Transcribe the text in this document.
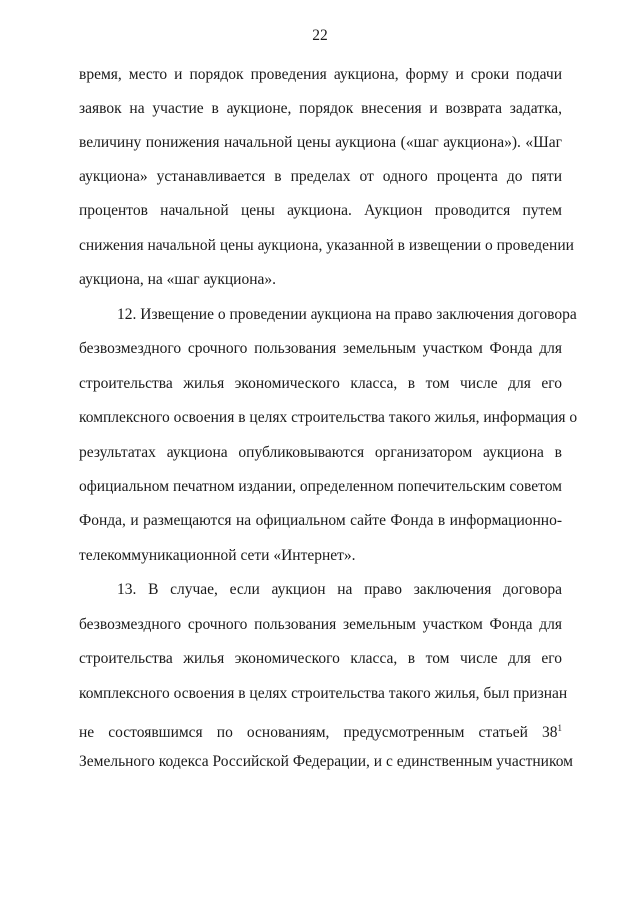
22
время, место и порядок проведения аукциона, форму и сроки подачи
заявок на участие в аукционе, порядок внесения и возврата задатка,
величину понижения начальной цены аукциона («шаг аукциона»). «Шаг
аукциона» устанавливается в пределах от одного процента до пяти
процентов начальной цены аукциона. Аукцион проводится путем
снижения начальной цены аукциона, указанной в извещении о проведении
аукциона, на «шаг аукциона».
12. Извещение о проведении аукциона на право заключения договора
безвозмездного срочного пользования земельным участком Фонда для
строительства жилья экономического класса, в том числе для его
комплексного освоения в целях строительства такого жилья, информация о
результатах аукциона опубликовываются организатором аукциона в
официальном печатном издании, определенном попечительским советом
Фонда, и размещаются на официальном сайте Фонда в информационно-
телекоммуникационной сети «Интернет».
13. В случае, если аукцион на право заключения договора
безвозмездного срочного пользования земельным участком Фонда для
строительства жилья экономического класса, в том числе для его
комплексного освоения в целях строительства такого жилья, был признан
не состоявшимся по основаниям, предусмотренным статьей $38^1$
Земельного кодекса Российской Федерации, и с единственным участником
